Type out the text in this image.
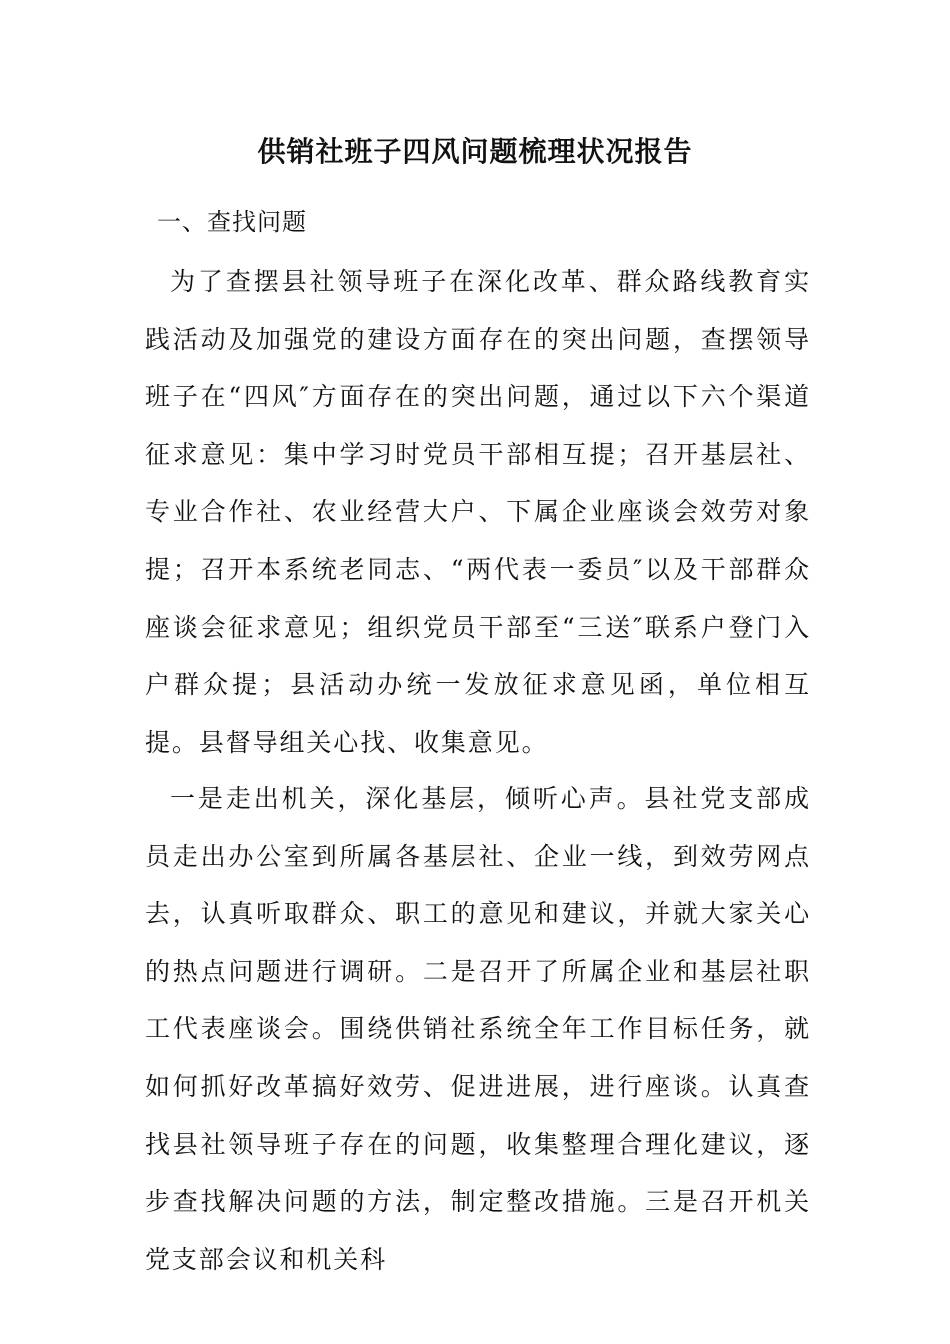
供销社班子四风问题梳理状况报告
一、查找问题

为了查摆县社领导班子在深化改革、群众路线教育实践活动及加强党的建设方面存在的突出问题，查摆领导班子在“四风″方面存在的突出问题，通过以下六个渠道征求意见：集中学习时党员干部相互提；召开基层社、专业合作社、农业经营大户、下属企业座谈会效劳对象提；召开本系统老同志、“两代表一委员″以及干部群众座谈会征求意见；组织党员干部至“三送″联系户登门入户群众提；县活动办统一发放征求意见函，单位相互提。县督导组关心找、收集意见。

一是走出机关，深化基层，倾听心声。县社党支部成员走出办公室到所属各基层社、企业一线，到效劳网点去，认真听取群众、职工的意见和建议，并就大家关心的热点问题进行调研。二是召开了所属企业和基层社职工代表座谈会。围绕供销社系统全年工作目标任务，就如何抓好改革搞好效劳、促进进展，进行座谈。认真查找县社领导班子存在的问题，收集整理合理化建议，逐步查找解决问题的方法，制定整改措施。三是召开机关党支部会议和机关科
